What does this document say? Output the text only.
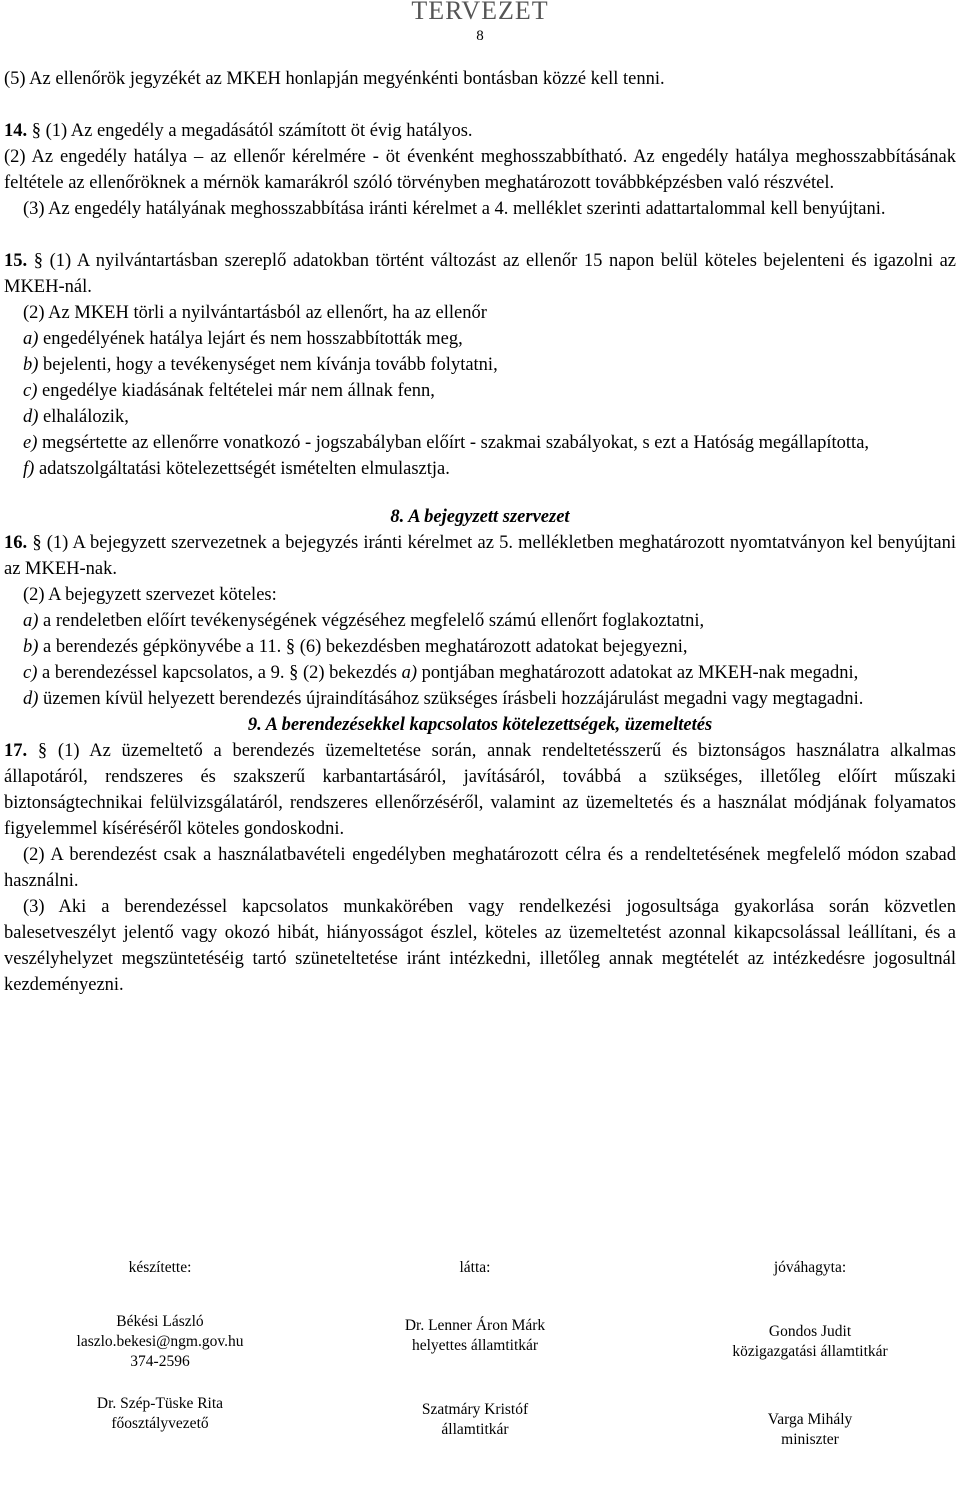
TERVEZET
8

(5) Az ellenőrök jegyzékét az MKEH honlapján megyénkénti bontásban közzé kell tenni.

14. § (1) Az engedély a megadásától számított öt évig hatályos.

(2) Az engedély hatálya – az ellenőr kérelmére - öt évenként meghosszabbítható. Az engedély hatálya meghosszabbításának feltétele az ellenőröknek a mérnök kamarákról szóló törvényben meghatározott továbbképzésben való részvétel.

(3) Az engedély hatályának meghosszabbítása iránti kérelmet a 4. melléklet szerinti adattartalommal kell benyújtani.

15. § (1) A nyilvántartásban szereplő adatokban történt változást az ellenőr 15 napon belül köteles bejelenteni és igazolni az MKEH-nál.

(2) Az MKEH törli a nyilvántartásból az ellenőrt, ha az ellenőr

a) engedélyének hatálya lejárt és nem hosszabbították meg,

b) bejelenti, hogy a tevékenységet nem kívánja tovább folytatni,

c) engedélye kiadásának feltételei már nem állnak fenn,

d) elhalálozik,

e) megsértette az ellenőrre vonatkozó - jogszabályban előírt - szakmai szabályokat, s ezt a Hatóság megállapította,

f) adatszolgáltatási kötelezettségét ismételten elmulasztja.

8. A bejegyzett szervezet

16. § (1) A bejegyzett szervezetnek a bejegyzés iránti kérelmet az 5. mellékletben meghatározott nyomtatványon kel benyújtani az MKEH-nak.

(2) A bejegyzett szervezet köteles:

a) a rendeletben előírt tevékenységének végzéséhez megfelelő számú ellenőrt foglakoztatni,

b) a berendezés gépkönyvébe a 11. § (6) bekezdésben meghatározott adatokat bejegyezni,

c) a berendezéssel kapcsolatos, a 9. § (2) bekezdés a) pontjában meghatározott adatokat az MKEH-nak megadni,

d) üzemen kívül helyezett berendezés újraindításához szükséges írásbeli hozzájárulást megadni vagy megtagadni.

9. A berendezésekkel kapcsolatos kötelezettségek, üzemeltetés

17. § (1) Az üzemeltető a berendezés üzemeltetése során, annak rendeltetésszerű és biztonságos használatra alkalmas állapotáról, rendszeres és szakszerű karbantartásáról, javításáról, továbbá a szükséges, illetőleg előírt műszaki biztonságtechnikai felülvizsgálatáról, rendszeres ellenőrzéséről, valamint az üzemeltetés és a használat módjának folyamatos figyelemmel kíséréséről köteles gondoskodni.

(2) A berendezést csak a használatbavételi engedélyben meghatározott célra és a rendeltetésének megfelelő módon szabad használni.

(3) Aki a berendezéssel kapcsolatos munkakörében vagy rendelkezési jogosultsága gyakorlása során közvetlen balesetveszélyt jelentő vagy okozó hibát, hiányosságot észlel, köteles az üzemeltetést azonnal kikapcsolással leállítani, és a veszélyhelyzet megszüntetéséig tartó szüneteltetése iránt intézkedni, illetőleg annak megtételét az intézkedésre jogosultnál kezdeményezni.

készítette:
Békési László
laszlo.bekesi@ngm.gov.hu
374-2596
Dr. Szép-Tüske Rita
főosztályvezető
látta:
Dr. Lenner Áron Márk
helyettes államtitkár
Szatmáry Kristóf
államtitkár
jóváhagyta:
Gondos Judit
közigazgatási államtitkár
Varga Mihály
miniszter
